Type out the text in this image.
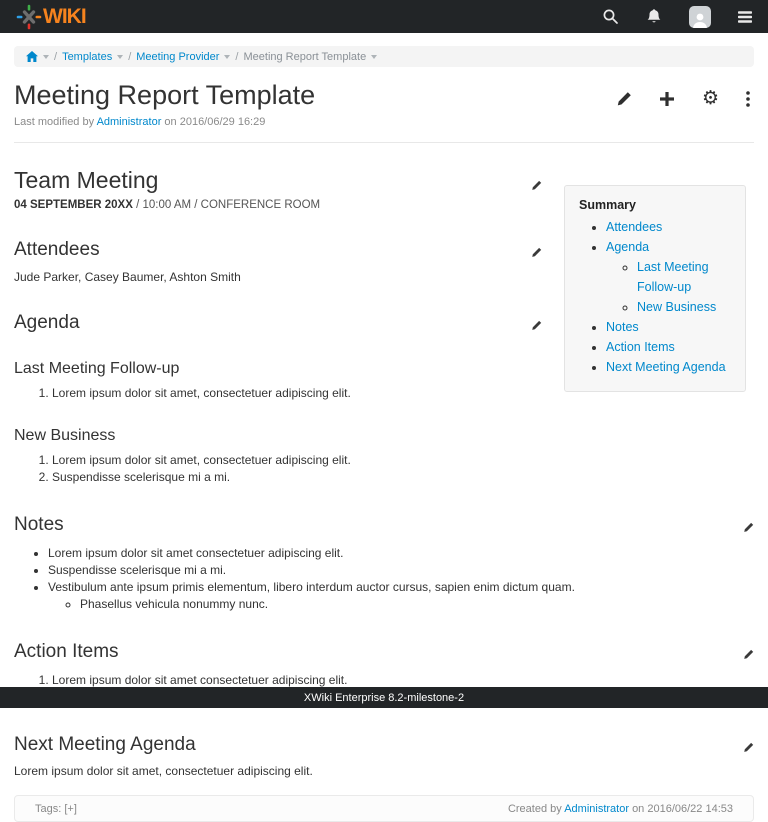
WIKI
/ Templates / Meeting Provider / Meeting Report Template
Meeting Report Template	⚙

Last modified by Administrator on 2016/06/29 16:29

Summary
• Attendees
• Agenda
◦ Last Meeting Follow-up
◦ New Business
• Notes
• Action Items
• Next Meeting Agenda
Team Meeting

04 SEPTEMBER 20XX / 10:00 AM / CONFERENCE ROOM

Attendees

Jude Parker, Casey Baumer, Ashton Smith

Agenda
Last Meeting Follow-up
1. Lorem ipsum dolor sit amet, consectetuer adipiscing elit.
New Business
1. Lorem ipsum dolor sit amet, consectetuer adipiscing elit.
2. Suspendisse scelerisque mi a mi.
Notes
• Lorem ipsum dolor sit amet consectetuer adipiscing elit.
• Suspendisse scelerisque mi a mi.
• Vestibulum ante ipsum primis elementum, libero interdum auctor cursus, sapien enim dictum quam.
◦ Phasellus vehicula nonummy nunc.
Action Items
1. Lorem ipsum dolor sit amet consectetuer adipiscing elit.
2.
Next Meeting Agenda

Lorem ipsum dolor sit amet, consectetuer adipiscing elit.

Tags: [+]	Created by Administrator on 2016/06/22 14:53
XWiki Enterprise 8.2-milestone-2
